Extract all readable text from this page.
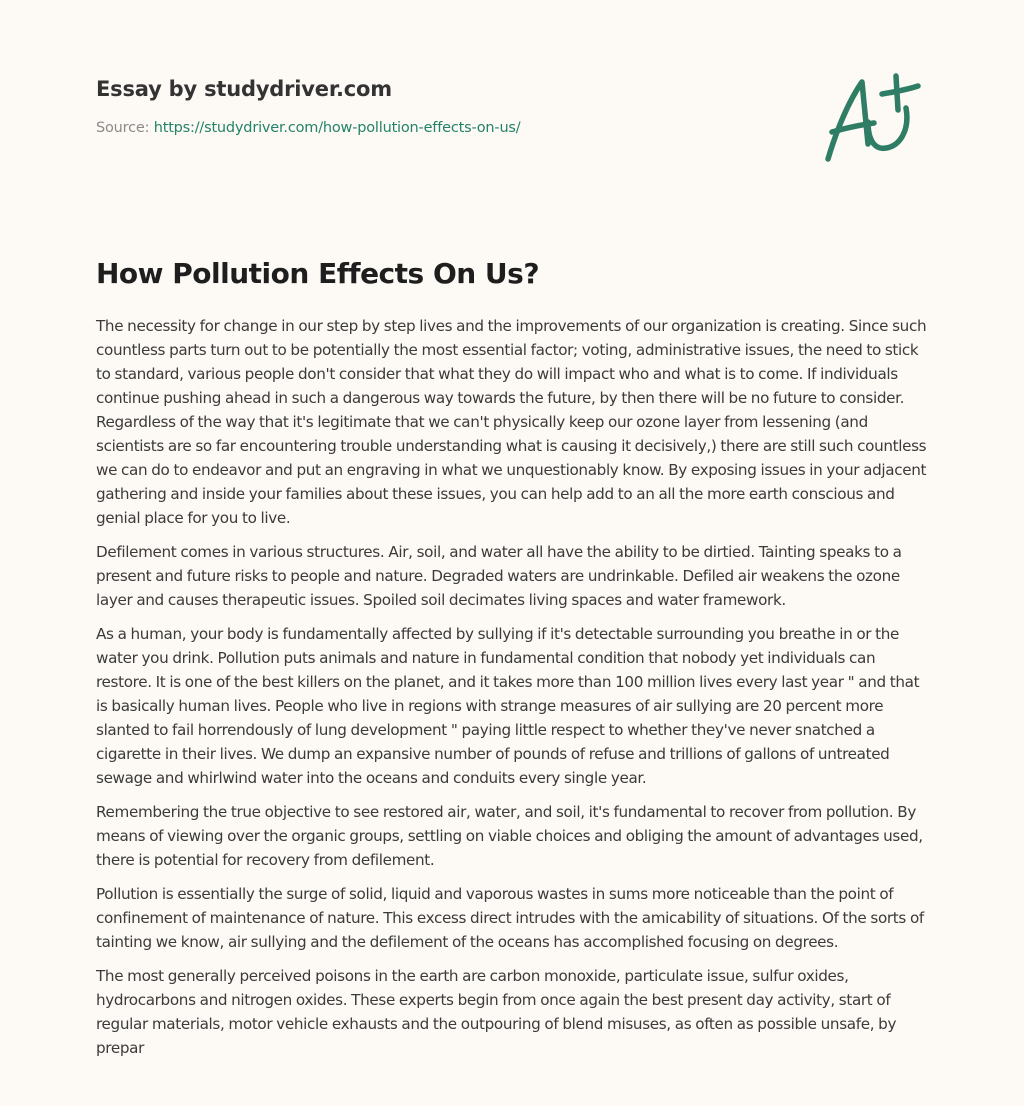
Essay by studydriver.com
Source: https://studydriver.com/how-pollution-effects-on-us/
How Pollution Effects On Us?

The necessity for change in our step by step lives and the improvements of our organization is creating. Since such countless parts turn out to be potentially the most essential factor; voting, administrative issues, the need to stick to standard, various people don't consider that what they do will impact who and what is to come. If individuals continue pushing ahead in such a dangerous way towards the future, by then there will be no future to consider. Regardless of the way that it's legitimate that we can't physically keep our ozone layer from lessening (and scientists are so far encountering trouble understanding what is causing it decisively,) there are still such countless we can do to endeavor and put an engraving in what we unquestionably know. By exposing issues in your adjacent gathering and inside your families about these issues, you can help add to an all the more earth conscious and genial place for you to live.

Defilement comes in various structures. Air, soil, and water all have the ability to be dirtied. Tainting speaks to a present and future risks to people and nature. Degraded waters are undrinkable. Defiled air weakens the ozone layer and causes therapeutic issues. Spoiled soil decimates living spaces and water framework.

As a human, your body is fundamentally affected by sullying if it's detectable surrounding you breathe in or the water you drink. Pollution puts animals and nature in fundamental condition that nobody yet individuals can restore. It is one of the best killers on the planet, and it takes more than 100 million lives every last year " and that is basically human lives. People who live in regions with strange measures of air sullying are 20 percent more slanted to fail horrendously of lung development " paying little respect to whether they've never snatched a cigarette in their lives. We dump an expansive number of pounds of refuse and trillions of gallons of untreated sewage and whirlwind water into the oceans and conduits every single year.

Remembering the true objective to see restored air, water, and soil, it's fundamental to recover from pollution. By means of viewing over the organic groups, settling on viable choices and obliging the amount of advantages used, there is potential for recovery from defilement.

Pollution is essentially the surge of solid, liquid and vaporous wastes in sums more noticeable than the point of confinement of maintenance of nature. This excess direct intrudes with the amicability of situations. Of the sorts of tainting we know, air sullying and the defilement of the oceans has accomplished focusing on degrees.

The most generally perceived poisons in the earth are carbon monoxide, particulate issue, sulfur oxides, hydrocarbons and nitrogen oxides. These experts begin from once again the best present day activity, start of regular materials, motor vehicle exhausts and the outpouring of blend misuses, as often as possible unsafe, by prepar
